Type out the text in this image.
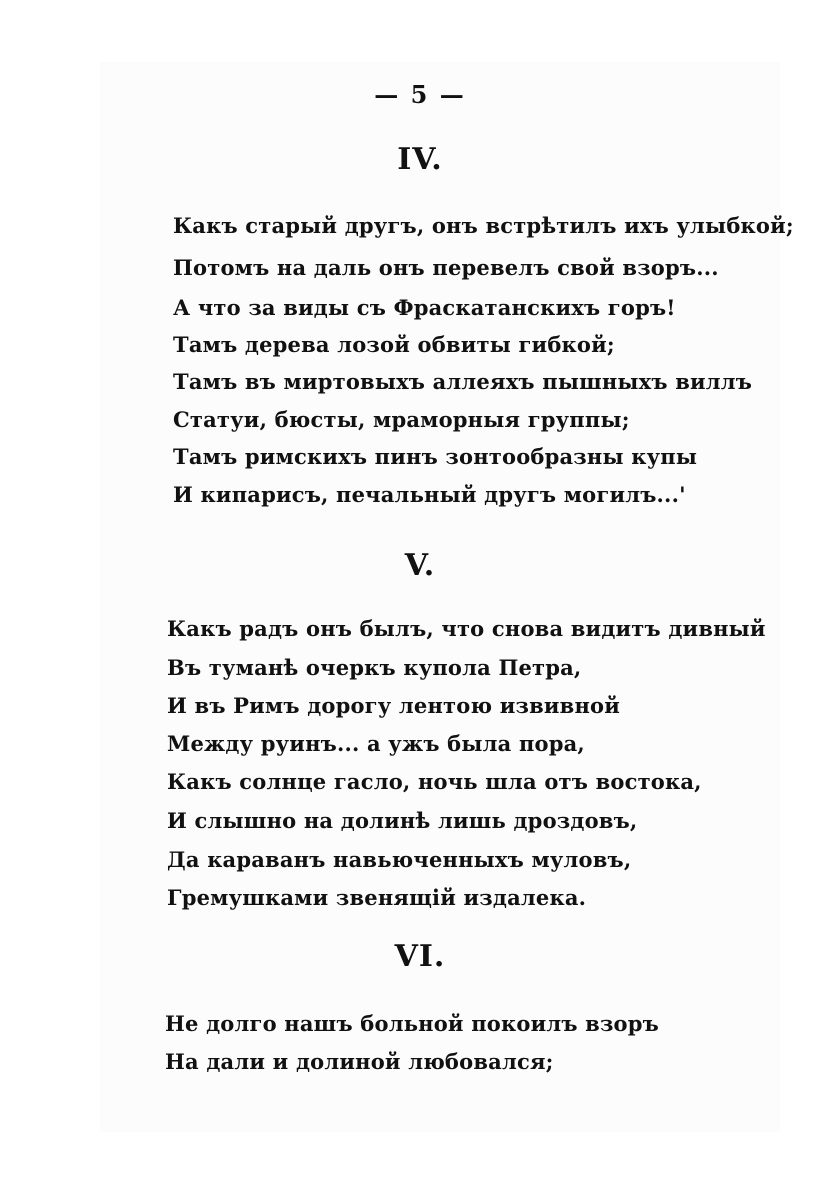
— 5 —
IV.
Какъ старый другъ, онъ встрѣтилъ ихъ улыбкой;
Потомъ на даль онъ перевелъ свой взоръ...
А что за виды съ Фраскатанскихъ горъ!
Тамъ дерева лозой обвиты гибкой;
Тамъ въ миртовыхъ аллеяхъ пышныхъ виллъ
Статуи, бюсты, мраморныя группы;
Тамъ римскихъ пинъ зонтообразны купы
И кипарисъ, печальный другъ могилъ...'
V.
Какъ радъ онъ былъ, что снова видитъ дивный
Въ туманѣ очеркъ купола Петра,
И въ Римъ дорогу лентою извивной
Между руинъ... а ужъ была пора,
Какъ солнце гасло, ночь шла отъ востока,
И слышно на долинѣ лишь дроздовъ,
Да караванъ навьюченныхъ муловъ,
Гремушками звенящій издалека.
VI.
Не долго нашъ больной покоилъ взоръ
На дали и долиной любовался;
